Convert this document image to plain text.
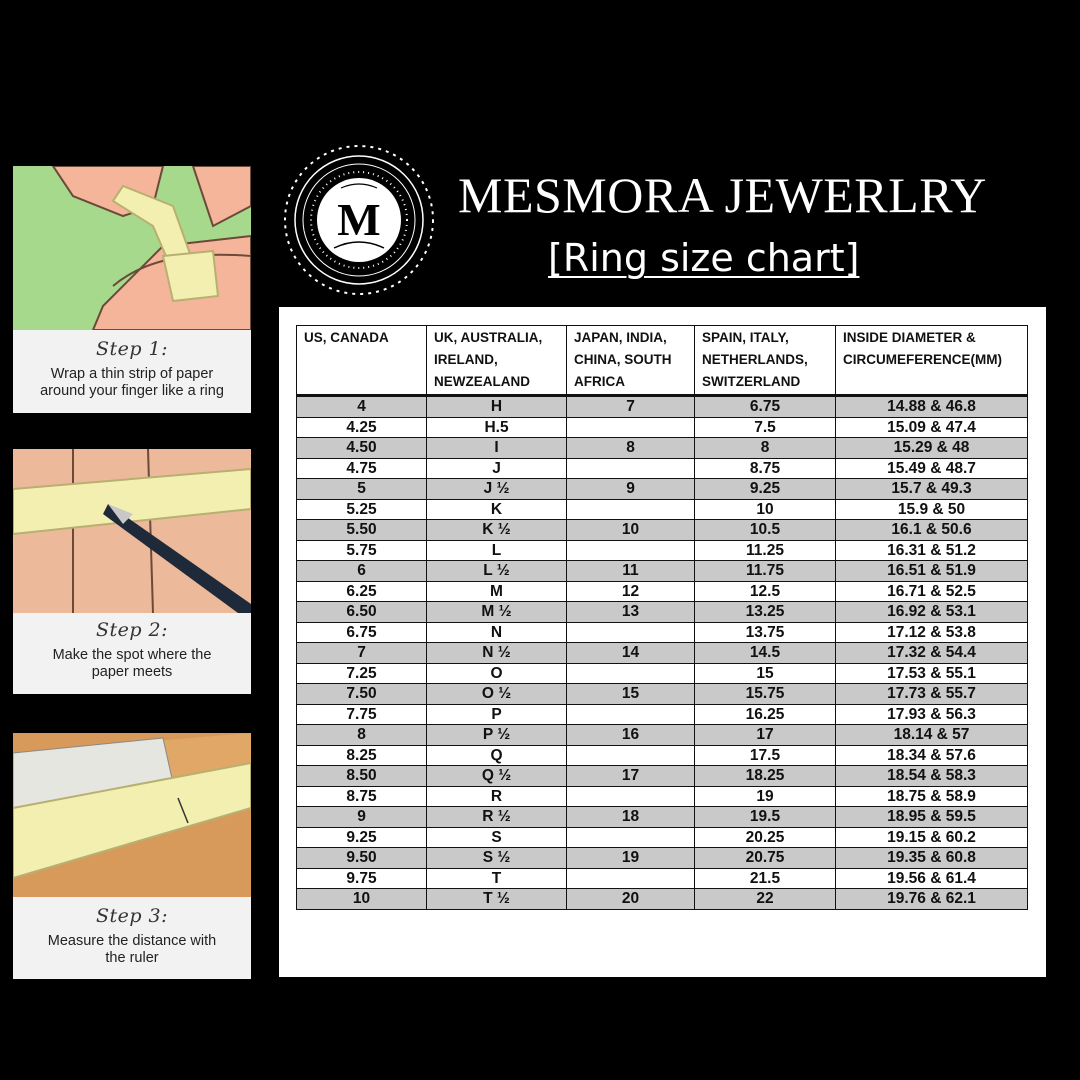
Step 1:
Wrap a thin strip of paper
around your finger like a ring
Step 2:
Make the spot where the
paper meets
Step 3:
Measure the distance with
the ruler
M MESMORA JEWERLRY
[Ring size chart]
US, CANADA	UK, AUSTRALIA, IRELAND, NEWZEALAND	JAPAN, INDIA, CHINA, SOUTH AFRICA	SPAIN, ITALY, NETHERLANDS, SWITZERLAND	INSIDE DIAMETER & CIRCUMEFERENCE(MM)
4	H	7	6.75	14.88 & 46.8
4.25	H.5		7.5	15.09 & 47.4
4.50	I	8	8	15.29 & 48
4.75	J		8.75	15.49 & 48.7
5	J ½	9	9.25	15.7 & 49.3
5.25	K		10	15.9 & 50
5.50	K ½	10	10.5	16.1 & 50.6
5.75	L		11.25	16.31 & 51.2
6	L ½	11	11.75	16.51 & 51.9
6.25	M	12	12.5	16.71 & 52.5
6.50	M ½	13	13.25	16.92 & 53.1
6.75	N		13.75	17.12 & 53.8
7	N ½	14	14.5	17.32 & 54.4
7.25	O		15	17.53 & 55.1
7.50	O ½	15	15.75	17.73 & 55.7
7.75	P		16.25	17.93 & 56.3
8	P ½	16	17	18.14 & 57
8.25	Q		17.5	18.34 & 57.6
8.50	Q ½	17	18.25	18.54 & 58.3
8.75	R		19	18.75 & 58.9
9	R ½	18	19.5	18.95 & 59.5
9.25	S		20.25	19.15 & 60.2
9.50	S ½	19	20.75	19.35 & 60.8
9.75	T		21.5	19.56 & 61.4
10	T ½	20	22	19.76 & 62.1
